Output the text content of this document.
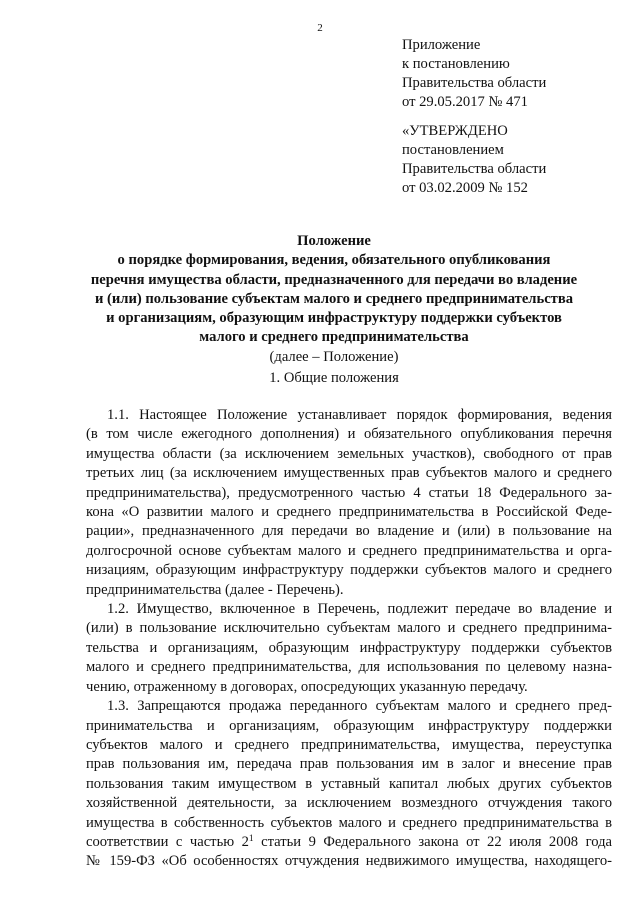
2
Приложение
к постановлению
Правительства области
от 29.05.2017 № 471
«УТВЕРЖДЕНО
постановлением
Правительства области
от 03.02.2009 № 152
Положение
о порядке формирования, ведения, обязательного опубликования
перечня имущества области, предназначенного для передачи во владение
и (или) пользование субъектам малого и среднего предпринимательства
и организациям, образующим инфраструктуру поддержки субъектов
малого и среднего предпринимательства
(далее – Положение)
1. Общие положения
1.1. Настоящее Положение устанавливает порядок формирования, ведения
(в том числе ежегодного дополнения) и обязательного опубликования перечня
имущества области (за исключением земельных участков), свободного от прав
третьих лиц (за исключением имущественных прав субъектов малого и среднего
предпринимательства), предусмотренного частью 4 статьи 18 Федерального за-
кона «О развитии малого и среднего предпринимательства в Российской Феде-
рации», предназначенного для передачи во владение и (или) в пользование на
долгосрочной основе субъектам малого и среднего предпринимательства и орга-
низациям, образующим инфраструктуру поддержки субъектов малого и среднего
предпринимательства (далее - Перечень).
1.2. Имущество, включенное в Перечень, подлежит передаче во владение и
(или) в пользование исключительно субъектам малого и среднего предпринима-
тельства и организациям, образующим инфраструктуру поддержки субъектов
малого и среднего предпринимательства, для использования по целевому назна-
чению, отраженному в договорах, опосредующих указанную передачу.
1.3. Запрещаются продажа переданного субъектам малого и среднего пред-
принимательства и организациям, образующим инфраструктуру поддержки
субъектов малого и среднего предпринимательства, имущества, переуступка
прав пользования им, передача прав пользования им в залог и внесение прав
пользования таким имуществом в уставный капитал любых других субъектов
хозяйственной деятельности, за исключением возмездного отчуждения такого
имущества в собственность субъектов малого и среднего предпринимательства в
соответствии с частью $2^1$ статьи 9 Федерального закона от 22 июля 2008 года
№ 159-ФЗ «Об особенностях отчуждения недвижимого имущества, находящего-
